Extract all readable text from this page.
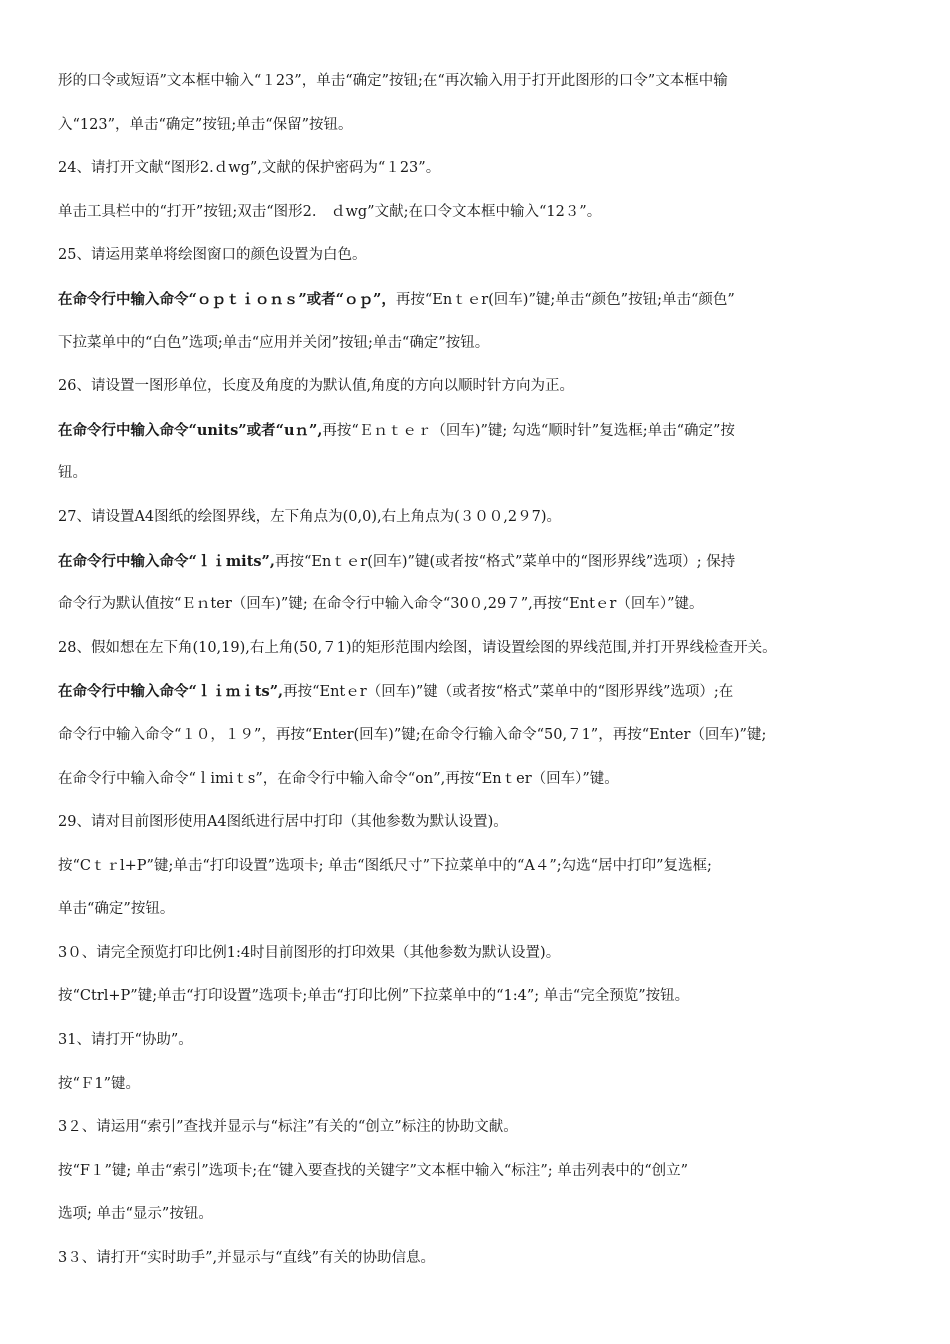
形的口令或短语”文本框中输入“１23”，单击“确定”按钮;在“再次输入用于打开此图形的口令”文本框中输
入“123”，单击“确定”按钮;单击“保留”按钮。
24、请打开文献“图形2.ｄwg”,文献的保护密码为“１23”。
单击工具栏中的“打开”按钮;双击“图形2.　ｄwg”文献;在口令文本框中输入“12３”。
25、请运用菜单将绘图窗口的颜色设置为白色。
在命令行中输入命令“ｏｐｔｉｏｎｓ”或者“ｏｐ”，再按“Enｔｅr(回车)”键;单击“颜色”按钮;单击“颜色”
下拉菜单中的“白色”选项;单击“应用并关闭”按钮;单击“确定”按钮。
26、请设置一图形单位，长度及角度的为默认值,角度的方向以顺时针方向为正。
在命令行中输入命令“units”或者“uｎ”,再按“Ｅｎｔｅｒ（回车)”键; 勾选“顺时针”复选框;单击“确定”按
钮。
27、请设置A4图纸的绘图界线，左下角点为(0,0),右上角点为(３００,2９7)。
在命令行中输入命令“ｌｉmits”,再按“Enｔｅr(回车)”键(或者按“格式”菜单中的“图形界线”选项）; 保持
命令行为默认值按“Ｅｎter（回车)”键; 在命令行中输入命令“30０,29７”,再按“Entｅr（回车）”键。
28、假如想在左下角(10,19),右上角(50,７1)的矩形范围内绘图，请设置绘图的界线范围,并打开界线检查开关。
在命令行中输入命令“ｌｉｍｉts”,再按“Entｅr（回车)”键（或者按“格式”菜单中的“图形界线”选项）;在
命令行中输入命令“１０，１９”，再按“Enter(回车)”键;在命令行输入命令“50,７1”，再按“Enter（回车)”键;
在命令行中输入命令“ｌimiｔs”，在命令行中输入命令“on”,再按“Enｔer（回车）”键。
29、请对目前图形使用A4图纸进行居中打印（其他参数为默认设置)。
按“Cｔｒl+P”键;单击“打印设置”选项卡; 单击“图纸尺寸”下拉菜单中的“A４”;勾选“居中打印”复选框;
单击“确定”按钮。
3０、请完全预览打印比例1:4时目前图形的打印效果（其他参数为默认设置)。
按“Ctrl+P”键;单击“打印设置”选项卡;单击“打印比例”下拉菜单中的“1:4”; 单击“完全预览”按钮。
31、请打开“协助”。
按“Ｆ1”键。
3２、请运用“索引”查找并显示与“标注”有关的“创立”标注的协助文献。
按“F１”键; 单击“索引”选项卡;在“键入要查找的关键字”文本框中输入“标注”; 单击列表中的“创立”
选项; 单击“显示”按钮。
3３、请打开“实时助手”,并显示与“直线”有关的协助信息。
